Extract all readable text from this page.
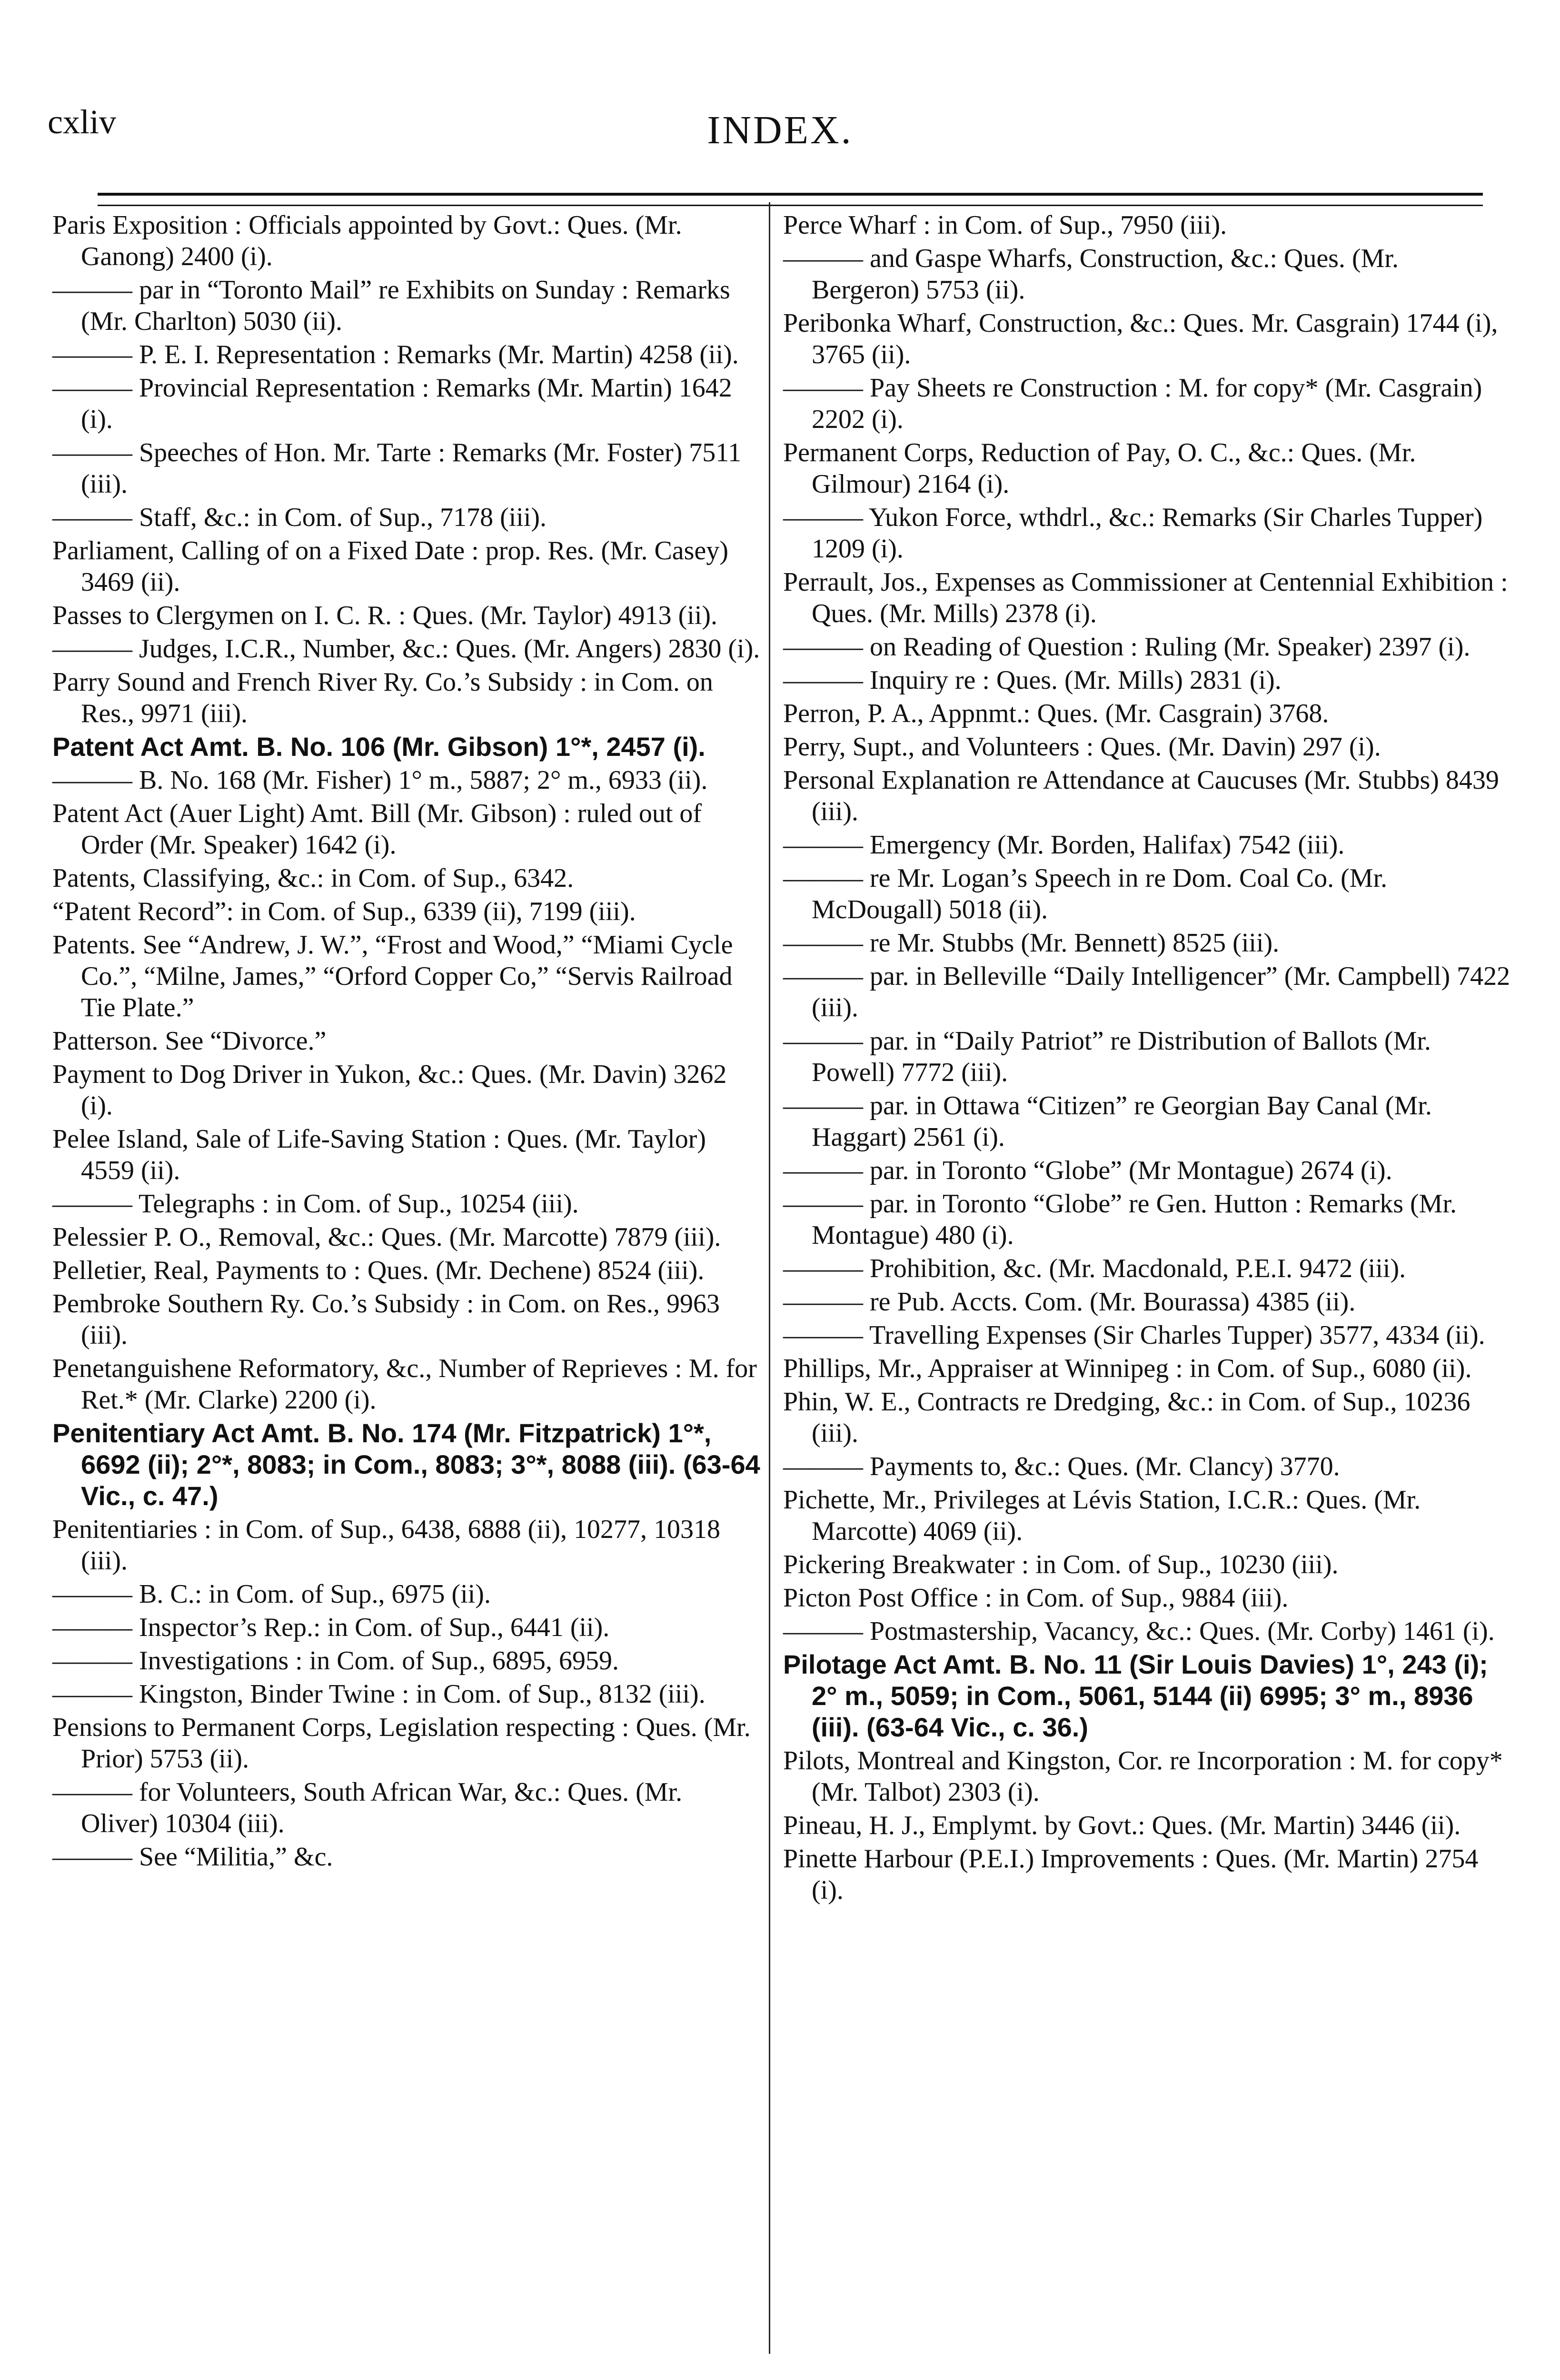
cxliv	INDEX.

Paris Exposition : Officials appointed by Govt.: Ques. (Mr. Ganong) 2400 (i).

——— par in “Toronto Mail” re Exhibits on Sunday : Remarks (Mr. Charlton) 5030 (ii).

——— P. E. I. Representation : Remarks (Mr. Martin) 4258 (ii).

——— Provincial Representation : Remarks (Mr. Martin) 1642 (i).

——— Speeches of Hon. Mr. Tarte : Remarks (Mr. Foster) 7511 (iii).

——— Staff, &c.: in Com. of Sup., 7178 (iii).

Parliament, Calling of on a Fixed Date : prop. Res. (Mr. Casey) 3469 (ii).

Passes to Clergymen on I. C. R. : Ques. (Mr. Taylor) 4913 (ii).

——— Judges, I.C.R., Number, &c.: Ques. (Mr. Angers) 2830 (i).

Parry Sound and French River Ry. Co.’s Subsidy : in Com. on Res., 9971 (iii).

Patent Act Amt. B. No. 106 (Mr. Gibson) 1°*, 2457 (i).

——— B. No. 168 (Mr. Fisher) 1° m., 5887; 2° m., 6933 (ii).

Patent Act (Auer Light) Amt. Bill (Mr. Gibson) : ruled out of Order (Mr. Speaker) 1642 (i).

Patents, Classifying, &c.: in Com. of Sup., 6342.

“Patent Record”: in Com. of Sup., 6339 (ii), 7199 (iii).

Patents. See “Andrew, J. W.”, “Frost and Wood,” “Miami Cycle Co.”, “Milne, James,” “Orford Copper Co,” “Servis Railroad Tie Plate.”

Patterson. See “Divorce.”

Payment to Dog Driver in Yukon, &c.: Ques. (Mr. Davin) 3262 (i).

Pelee Island, Sale of Life-Saving Station : Ques. (Mr. Taylor) 4559 (ii).

——— Telegraphs : in Com. of Sup., 10254 (iii).

Pelessier P. O., Removal, &c.: Ques. (Mr. Marcotte) 7879 (iii).

Pelletier, Real, Payments to : Ques. (Mr. Dechene) 8524 (iii).

Pembroke Southern Ry. Co.’s Subsidy : in Com. on Res., 9963 (iii).

Penetanguishene Reformatory, &c., Number of Reprieves : M. for Ret.* (Mr. Clarke) 2200 (i).

Penitentiary Act Amt. B. No. 174 (Mr. Fitzpatrick) 1°*, 6692 (ii); 2°*, 8083; in Com., 8083; 3°*, 8088 (iii). (63-64 Vic., c. 47.)

Penitentiaries : in Com. of Sup., 6438, 6888 (ii), 10277, 10318 (iii).

——— B. C.: in Com. of Sup., 6975 (ii).

——— Inspector’s Rep.: in Com. of Sup., 6441 (ii).

——— Investigations : in Com. of Sup., 6895, 6959.

——— Kingston, Binder Twine : in Com. of Sup., 8132 (iii).

Pensions to Permanent Corps, Legislation respecting : Ques. (Mr. Prior) 5753 (ii).

——— for Volunteers, South African War, &c.: Ques. (Mr. Oliver) 10304 (iii).

——— See “Militia,” &c.

Perce Wharf : in Com. of Sup., 7950 (iii).

——— and Gaspe Wharfs, Construction, &c.: Ques. (Mr. Bergeron) 5753 (ii).

Peribonka Wharf, Construction, &c.: Ques. Mr. Casgrain) 1744 (i), 3765 (ii).

——— Pay Sheets re Construction : M. for copy* (Mr. Casgrain) 2202 (i).

Permanent Corps, Reduction of Pay, O. C., &c.: Ques. (Mr. Gilmour) 2164 (i).

——— Yukon Force, wthdrl., &c.: Remarks (Sir Charles Tupper) 1209 (i).

Perrault, Jos., Expenses as Commissioner at Centennial Exhibition : Ques. (Mr. Mills) 2378 (i).

——— on Reading of Question : Ruling (Mr. Speaker) 2397 (i).

——— Inquiry re : Ques. (Mr. Mills) 2831 (i).

Perron, P. A., Appnmt.: Ques. (Mr. Casgrain) 3768.

Perry, Supt., and Volunteers : Ques. (Mr. Davin) 297 (i).

Personal Explanation re Attendance at Caucuses (Mr. Stubbs) 8439 (iii).

——— Emergency (Mr. Borden, Halifax) 7542 (iii).

——— re Mr. Logan’s Speech in re Dom. Coal Co. (Mr. McDougall) 5018 (ii).

——— re Mr. Stubbs (Mr. Bennett) 8525 (iii).

——— par. in Belleville “Daily Intelligencer” (Mr. Campbell) 7422 (iii).

——— par. in “Daily Patriot” re Distribution of Ballots (Mr. Powell) 7772 (iii).

——— par. in Ottawa “Citizen” re Georgian Bay Canal (Mr. Haggart) 2561 (i).

——— par. in Toronto “Globe” (Mr Montague) 2674 (i).

——— par. in Toronto “Globe” re Gen. Hutton : Remarks (Mr. Montague) 480 (i).

——— Prohibition, &c. (Mr. Macdonald, P.E.I. 9472 (iii).

——— re Pub. Accts. Com. (Mr. Bourassa) 4385 (ii).

——— Travelling Expenses (Sir Charles Tupper) 3577, 4334 (ii).

Phillips, Mr., Appraiser at Winnipeg : in Com. of Sup., 6080 (ii).

Phin, W. E., Contracts re Dredging, &c.: in Com. of Sup., 10236 (iii).

——— Payments to, &c.: Ques. (Mr. Clancy) 3770.

Pichette, Mr., Privileges at Lévis Station, I.C.R.: Ques. (Mr. Marcotte) 4069 (ii).

Pickering Breakwater : in Com. of Sup., 10230 (iii).

Picton Post Office : in Com. of Sup., 9884 (iii).

——— Postmastership, Vacancy, &c.: Ques. (Mr. Corby) 1461 (i).

Pilotage Act Amt. B. No. 11 (Sir Louis Davies) 1°, 243 (i); 2° m., 5059; in Com., 5061, 5144 (ii) 6995; 3° m., 8936 (iii). (63-64 Vic., c. 36.)

Pilots, Montreal and Kingston, Cor. re Incorporation : M. for copy* (Mr. Talbot) 2303 (i).

Pineau, H. J., Emplymt. by Govt.: Ques. (Mr. Martin) 3446 (ii).

Pinette Harbour (P.E.I.) Improvements : Ques. (Mr. Martin) 2754 (i).
